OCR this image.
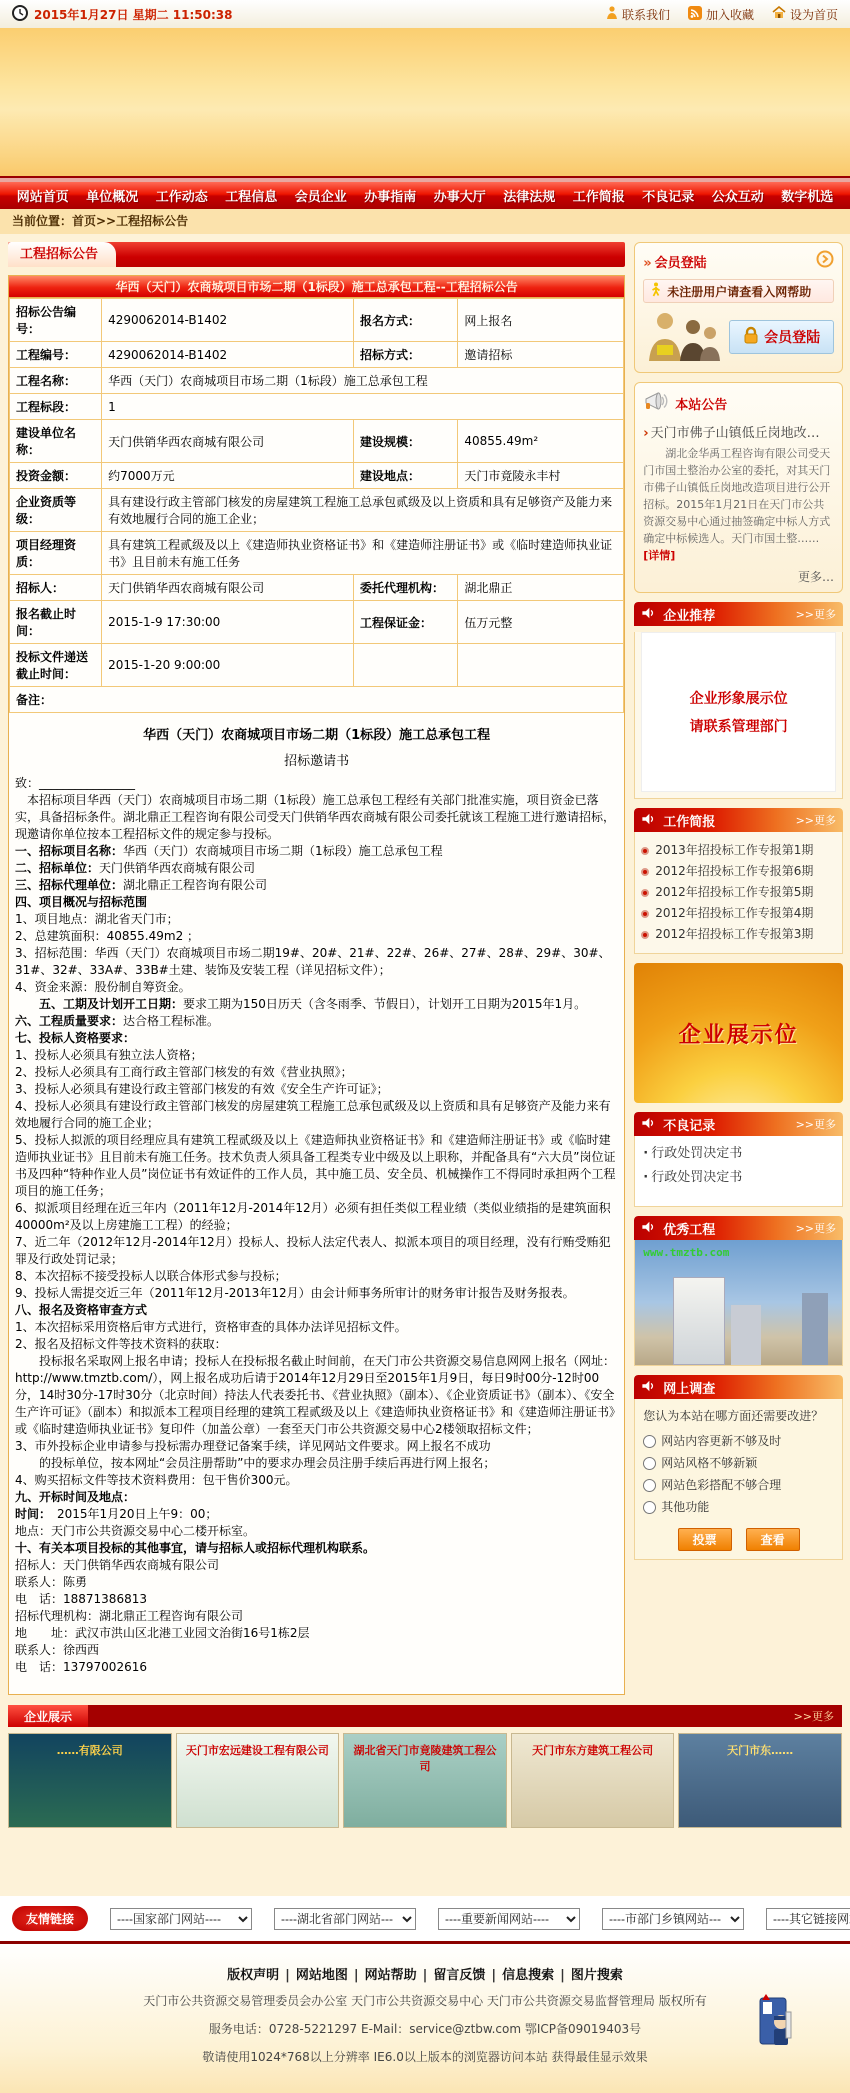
2015年1月27日 星期二 11:50:38	联系我们	加入收藏	设为首页
网站首页 单位概况 工作动态 工程信息 会员企业 办事指南 办事大厅 法律法规 工作简报 不良记录 公众互动 数字机选
当前位置：首页>>工程招标公告
工程招标公告
华西（天门）农商城项目市场二期（1标段）施工总承包工程--工程招标公告
招标公告编号：	4290062014-B1402	报名方式：	网上报名
工程编号：	4290062014-B1402	招标方式：	邀请招标
工程名称：	华西（天门）农商城项目市场二期（1标段）施工总承包工程		
工程标段：	1		
建设单位名称：	天门供销华西农商城有限公司	建设规模：	40855.49m²
投资金额：	约7000万元	建设地点：	天门市竟陵永丰村
企业资质等级：	具有建设行政主管部门核发的房屋建筑工程施工总承包贰级及以上资质和具有足够资产及能力来有效地履行合同的施工企业；		
项目经理资质：	具有建筑工程贰级及以上《建造师执业资格证书》和《建造师注册证书》或《临时建造师执业证书》且目前未有施工任务		
招标人：	天门供销华西农商城有限公司	委托代理机构：	湖北鼎正
报名截止时间：	2015-1-9 17:30:00	工程保证金：	伍万元整
投标文件递送截止时间：	2015-1-20 9:00:00		
备注：			

华西（天门）农商城项目市场二期（1标段）施工总承包工程

招标邀请书

致：________________

　本招标项目华西（天门）农商城项目市场二期（1标段）施工总承包工程经有关部门批准实施，项目资金已落实，具备招标条件。湖北鼎正工程咨询有限公司受天门供销华西农商城有限公司委托就该工程施工进行邀请招标，现邀请你单位按本工程招标文件的规定参与投标。

一、招标项目名称：华西（天门）农商城项目市场二期（1标段）施工总承包工程

二、招标单位：天门供销华西农商城有限公司

三、招标代理单位：湖北鼎正工程咨询有限公司

四、项目概况与招标范围

1、项目地点：湖北省天门市；

2、总建筑面积：40855.49m2 ；

3、招标范围：华西（天门）农商城项目市场二期19#、20#、21#、22#、26#、27#、28#、29#、30#、31#、32#、33A#、33B#土建、装饰及安装工程（详见招标文件）；

4、资金来源：股份制自筹资金。

　　五、工期及计划开工日期：要求工期为150日历天（含冬雨季、节假日），计划开工日期为2015年1月。

六、工程质量要求：达合格工程标准。

七、投标人资格要求：

1、投标人必须具有独立法人资格；

2、投标人必须具有工商行政主管部门核发的有效《营业执照》；

3、投标人必须具有建设行政主管部门核发的有效《安全生产许可证》；

4、投标人必须具有建设行政主管部门核发的房屋建筑工程施工总承包贰级及以上资质和具有足够资产及能力来有效地履行合同的施工企业；

5、投标人拟派的项目经理应具有建筑工程贰级及以上《建造师执业资格证书》和《建造师注册证书》或《临时建造师执业证书》且目前未有施工任务。技术负责人须具备工程类专业中级及以上职称，并配备具有“六大员”岗位证书及四种“特种作业人员”岗位证书有效证件的工作人员，其中施工员、安全员、机械操作工不得同时承担两个工程项目的施工任务；

6、拟派项目经理在近三年内（2011年12月-2014年12月）必须有担任类似工程业绩（类似业绩指的是建筑面积40000m²及以上房建施工工程）的经验；

7、近二年（2012年12月-2014年12月）投标人、投标人法定代表人、拟派本项目的项目经理，没有行贿受贿犯罪及行政处罚记录；

8、本次招标不接受投标人以联合体形式参与投标；

9、投标人需提交近三年（2011年12月-2013年12月）由会计师事务所审计的财务审计报告及财务报表。

八、报名及资格审查方式

1、本次招标采用资格后审方式进行，资格审查的具体办法详见招标文件。

2、报名及招标文件等技术资料的获取：

　　投标报名采取网上报名申请；投标人在投标报名截止时间前，在天门市公共资源交易信息网网上报名（网址：http://www.tmztb.com/），网上报名成功后请于2014年12月29日至2015年1月9日，每日9时00分-12时00分，14时30分-17时30分（北京时间）持法人代表委托书、《营业执照》（副本）、《企业资质证书》（副本）、《安全生产许可证》（副本）和拟派本工程项目经理的建筑工程贰级及以上《建造师执业资格证书》和《建造师注册证书》或《临时建造师执业证书》复印件（加盖公章）一套至天门市公共资源交易中心2楼领取招标文件；

3、市外投标企业申请参与投标需办理登记备案手续，详见网站文件要求。网上报名不成功

　　的投标单位，按本网址“会员注册帮助”中的要求办理会员注册手续后再进行网上报名；

4、购买招标文件等技术资料费用：包干售价300元。

九、开标时间及地点：

时间：　2015年1月20日上午9：00；

地点：天门市公共资源交易中心二楼开标室。

十、有关本项目投标的其他事宜，请与招标人或招标代理机构联系。

招标人：天门供销华西农商城有限公司

联系人：陈勇

电　话：18871386813

招标代理机构：湖北鼎正工程咨询有限公司

地　　址：武汉市洪山区北港工业园文治街16号1栋2层

联系人：徐西西

电　话：13797002616

» 会员登陆
未注册用户请查看入网帮助
会员登陆
本站公告
› 天门市佛子山镇低丘岗地改…
　　湖北金华禹工程咨询有限公司受天门市国土整治办公室的委托，对其天门市佛子山镇低丘岗地改造项目进行公开招标。2015年1月21日在天门市公共资源交易中心通过抽签确定中标人方式确定中标候选人。天门市国土整……[详情]
更多…
企业推荐	>>更多
企业形象展示位
请联系管理部门
工作简报	>>更多
2013年招投标工作专报第1期
2012年招投标工作专报第6期
2012年招投标工作专报第5期
2012年招投标工作专报第4期
2012年招投标工作专报第3期
企业展示位
不良记录	>>更多
· 行政处罚决定书
· 行政处罚决定书
优秀工程	>>更多
www.tmztb.com
网上调查
您认为本站在哪方面还需要改进？
网站内容更新不够及时
网站风格不够新颖
网站色彩搭配不够合理
其他功能
投票	查看
企业展示	>>更多
……有限公司	天门市宏远建设工程有限公司	湖北省天门市竟陵建筑工程公司
天门市东方建筑工程公司	天门市东……
友情链接
----国家部门网站----
----湖北省部门网站---
----重要新闻网站----
----市部门乡镇网站---
----其它链接网站----
版权声明 | 网站地图 | 网站帮助 | 留言反馈 | 信息搜索 | 图片搜索
天门市公共资源交易管理委员会办公室 天门市公共资源交易中心 天门市公共资源交易监督管理局 版权所有
服务电话：0728-5221297 E-Mail：service@ztbw.com 鄂ICP备09019403号
敬请使用1024*768以上分辨率 IE6.0以上版本的浏览器访问本站 获得最佳显示效果
